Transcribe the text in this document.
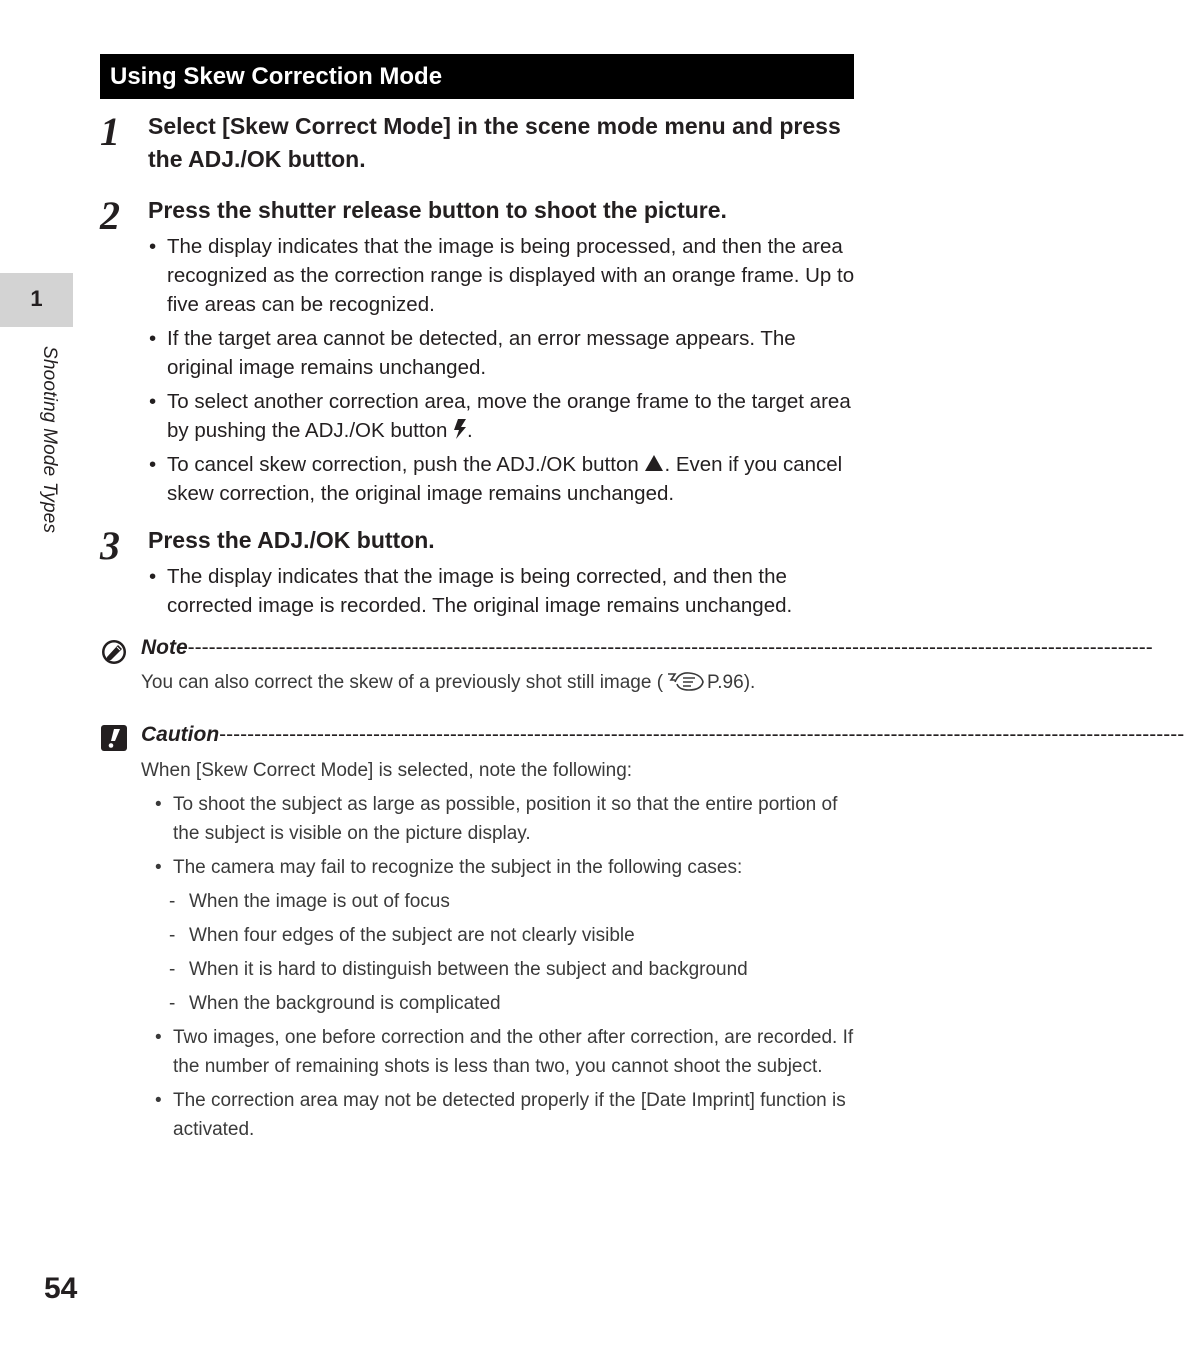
1
Shooting Mode Types
Using Skew Correction Mode
1 Select [Skew Correct Mode] in the scene mode menu and press the ADJ./OK button.
2 Press the shutter release button to shoot the picture.
• The display indicates that the image is being processed, and then the area recognized as the correction range is displayed with an orange frame. Up to five areas can be recognized.
• If the target area cannot be detected, an error message appears. The original image remains unchanged.
• To select another correction area, move the orange frame to the target area by pushing the ADJ./OK button .
• To cancel skew correction, push the ADJ./OK button . Even if you cancel skew correction, the original image remains unchanged.
3 Press the ADJ./OK button.
• The display indicates that the image is being corrected, and then the corrected image is recorded. The original image remains unchanged.
Note------------------------------------------------------------------------------------------------------------------------------------------
You can also correct the skew of a previously shot still image ( P.96).
Caution------------------------------------------------------------------------------------------------------------------------------------------
When [Skew Correct Mode] is selected, note the following:
• To shoot the subject as large as possible, position it so that the entire portion of the subject is visible on the picture display.
• The camera may fail to recognize the subject in the following cases:
- When the image is out of focus
- When four edges of the subject are not clearly visible
- When it is hard to distinguish between the subject and background
- When the background is complicated
• Two images, one before correction and the other after correction, are recorded. If the number of remaining shots is less than two, you cannot shoot the subject.
• The correction area may not be detected properly if the [Date Imprint] function is activated.
54
